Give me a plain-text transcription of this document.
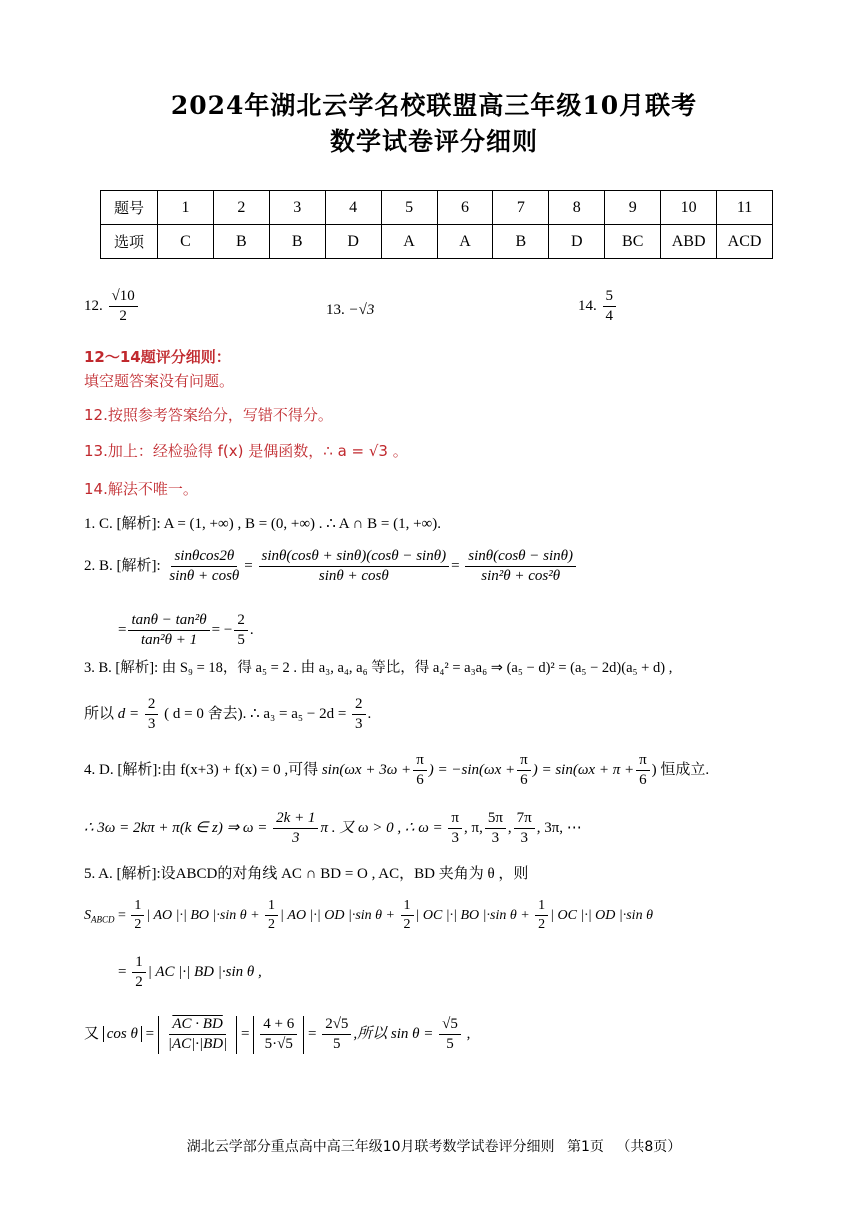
2024年湖北云学名校联盟高三年级10月联考
数学试卷评分细则
题号	1	2	3	4	5	6	7	8	9	10	11
选项	C	B	B	D	A	A	B	D	BC	ABD	ACD
12. $\frac{√10}{2}$	13. −√3	14. $\frac{5}{4}$
12～14题评分细则：
填空题答案没有问题。
12.按照参考答案给分，写错不得分。
13.加上：经检验得 f(x) 是偶函数，∴ a = √3 。
14.解法不唯一。
1. C. [解析]: A = (1, +∞) , B = (0, +∞) . ∴ A ∩ B = (1, +∞).
2. B. [解析]: $\frac{\sin\theta\cos 2\theta}{\sin\theta + \cos\theta} = \frac{\sin\theta(\cos\theta + \sin\theta)(\cos\theta - \sin\theta)}{\sin\theta + \cos\theta} = \frac{\sin\theta(\cos\theta - \sin\theta)}{\text{sin²θ + cos²θ}}$
= $\frac{\text{tanθ − tan²θ}}{\text{tan²θ + 1}}$ = − $\frac{2}{5}$ .
3. B. [解析]: 由 S₉ = 18，得 a₅ = 2 . 由 a₃, a₄, a₆ 等比，得 a₄² = a₃a₆ ⇒ (a₅ − d)² = (a₅ − 2d)(a₅ + d) ,
所以 $d = \frac{2}{3}$ ( d = 0 舍去). ∴ $a_3 = a_5 - 2d = \frac{2}{3}$ .
4. D. [解析]:由 f(x+3) + f(x) = 0 ,可得 $\sin(\omega x + 3\omega + \frac{\pi}{6}$ ) = $-\sin(\omega x + \frac{\pi}{6}$ ) = $\sin(\omega x + \pi + \frac{\pi}{6}$ ) 恒成立.
∴ 3ω = 2kπ + π(k ∈ z) ⇒ $\omega = \frac{2k + 1}{3}$ π . 又 ω > 0 , ∴ $\omega = \frac{\pi}{3}$ , π, $\frac{5\pi}{3}$ , $\frac{7\pi}{3}$ , 3π, ⋯
5. A. [解析]:设ABCD的对角线 AC ∩ BD = O , AC，BD 夹角为 θ ，则
$S_{ABCD} = \frac{1}{2}$ | AO |·| BO |·sin $\theta + \frac{1}{2}$ | AO |·| OD |·sin $\theta + \frac{1}{2}$ | OC |·| BO |·sin $\theta + \frac{1}{2}$ | OC |·| OD |·sin θ
= $\frac{1}{2}$ | AC |·| BD |·sin θ ,
又 $\cos \theta = \frac{AC \cdot BD}{|AC|\cdot|BD|} = \frac{4 + 6}{5\cdot√5} = \frac{2√5}{5}$ ,所以 $\sin \theta = \frac{√5}{5}$ ,
湖北云学部分重点高中高三年级10月联考数学试卷评分细则 第1页 （共8页）
